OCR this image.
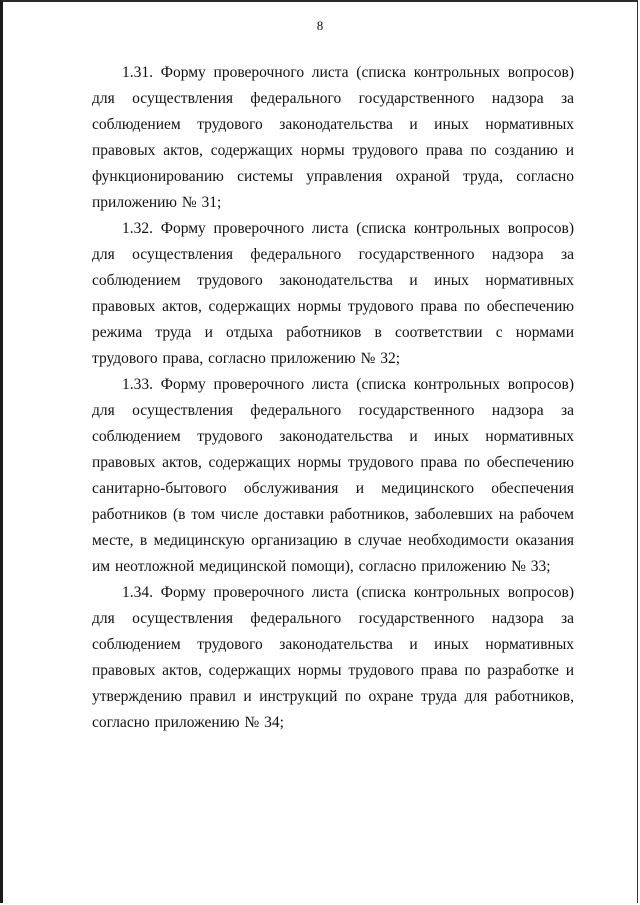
8

1.31. Форму проверочного листа (списка контрольных вопросов) для осуществления федерального государственного надзора за соблюдением трудового законодательства и иных нормативных правовых актов, содержащих нормы трудового права по созданию и функционированию системы управления охраной труда, согласно приложению № 31;

1.32. Форму проверочного листа (списка контрольных вопросов) для осуществления федерального государственного надзора за соблюдением трудового законодательства и иных нормативных правовых актов, содержащих нормы трудового права по обеспечению режима труда и отдыха работников в соответствии с нормами трудового права, согласно приложению № 32;

1.33. Форму проверочного листа (списка контрольных вопросов) для осуществления федерального государственного надзора за соблюдением трудового законодательства и иных нормативных правовых актов, содержащих нормы трудового права по обеспечению санитарно-бытового обслуживания и медицинского обеспечения работников (в том числе доставки работников, заболевших на рабочем месте, в медицинскую организацию в случае необходимости оказания им неотложной медицинской помощи), согласно приложению № 33;

1.34. Форму проверочного листа (списка контрольных вопросов) для осуществления федерального государственного надзора за соблюдением трудового законодательства и иных нормативных правовых актов, содержащих нормы трудового права по разработке и утверждению правил и инструкций по охране труда для работников, согласно приложению № 34;
